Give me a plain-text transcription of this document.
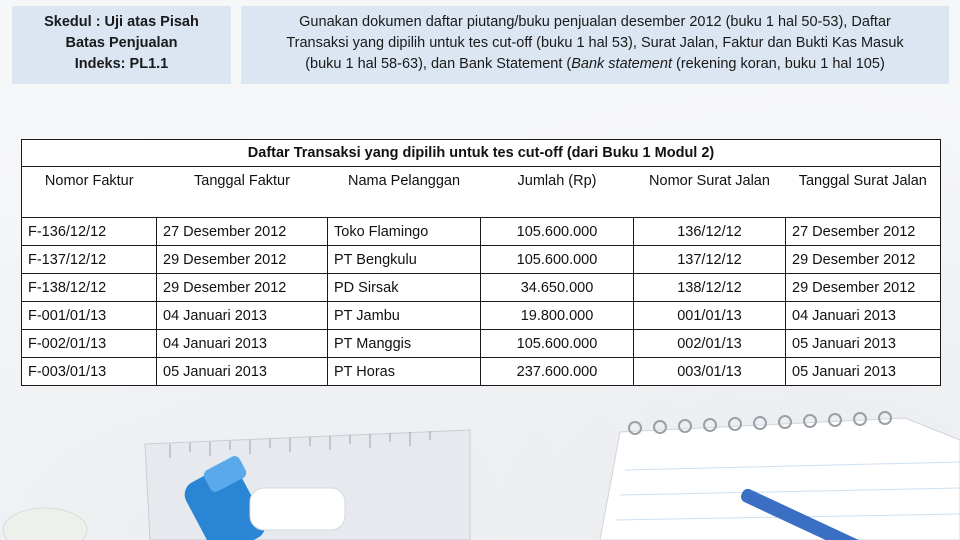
Skedul : Uji atas Pisah
Batas Penjualan
Indeks: PL1.1
Gunakan dokumen daftar piutang/buku penjualan desember 2012 (buku 1 hal 50-53), Daftar
Transaksi yang dipilih untuk tes cut-off (buku 1 hal 53), Surat Jalan, Faktur dan Bukti Kas Masuk
(buku 1 hal 58-63), dan Bank Statement (Bank statement (rekening koran, buku 1 hal 105)
Daftar Transaksi yang dipilih untuk tes cut-off (dari Buku 1 Modul 2)					
Nomor Faktur	Tanggal Faktur	Nama Pelanggan	Jumlah (Rp)	Nomor Surat Jalan	Tanggal Surat Jalan
F-136/12/12	27 Desember 2012	Toko Flamingo	105.600.000	136/12/12	27 Desember 2012
F-137/12/12	29 Desember 2012	PT Bengkulu	105.600.000	137/12/12	29 Desember 2012
F-138/12/12	29 Desember 2012	PD Sirsak	34.650.000	138/12/12	29 Desember 2012
F-001/01/13	04 Januari 2013	PT Jambu	19.800.000	001/01/13	04 Januari 2013
F-002/01/13	04 Januari 2013	PT Manggis	105.600.000	002/01/13	05 Januari 2013
F-003/01/13	05 Januari 2013	PT Horas	237.600.000	003/01/13	05 Januari 2013
